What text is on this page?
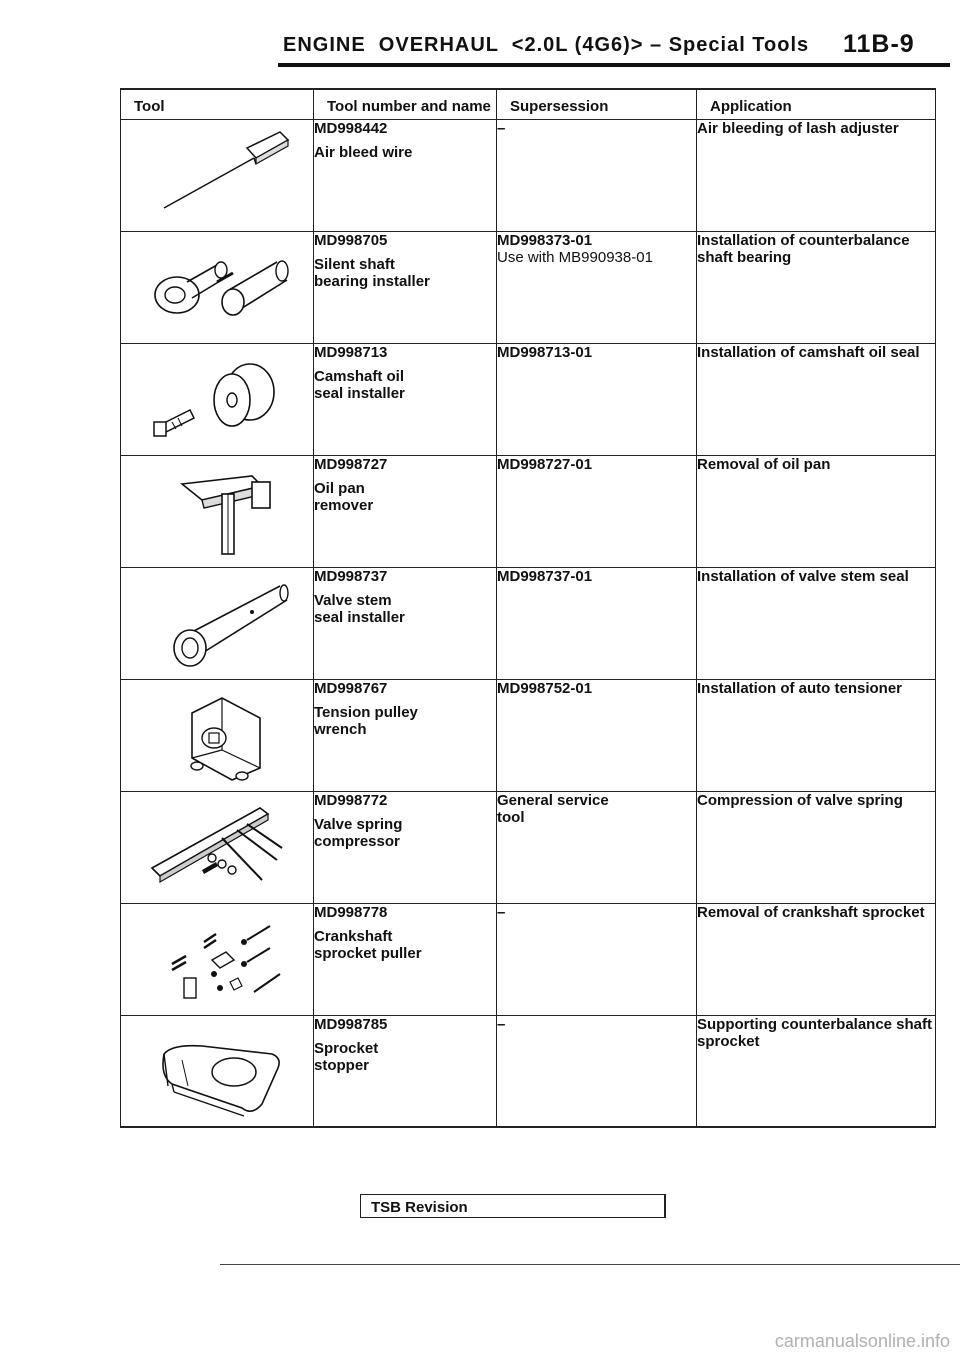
ENGINE  OVERHAUL  <2.0L (4G6)> – Special Tools 11B-9
Tool	Tool number and name	Supersession	Application

MD998442
Air bleed wire	–	Air bleeding of lash adjuster

MD998705
Silent shaft
bearing installer	MD998373-01
Use with MB990938-01	Installation of counterbalance shaft bearing

MD998713
Camshaft oil
seal installer	MD998713-01	Installation of camshaft oil seal

MD998727
Oil pan
remover	MD998727-01	Removal of oil pan

MD998737
Valve stem
seal installer	MD998737-01	Installation of valve stem seal

MD998767
Tension pulley
wrench	MD998752-01	Installation of auto tensioner

MD998772
Valve spring
compressor	General service
tool	Compression of valve spring

MD998778
Crankshaft
sprocket puller	–	Removal of crankshaft sprocket

MD998785
Sprocket
stopper	–	Supporting counterbalance shaft sprocket
TSB Revision
carmanualsonline.info
